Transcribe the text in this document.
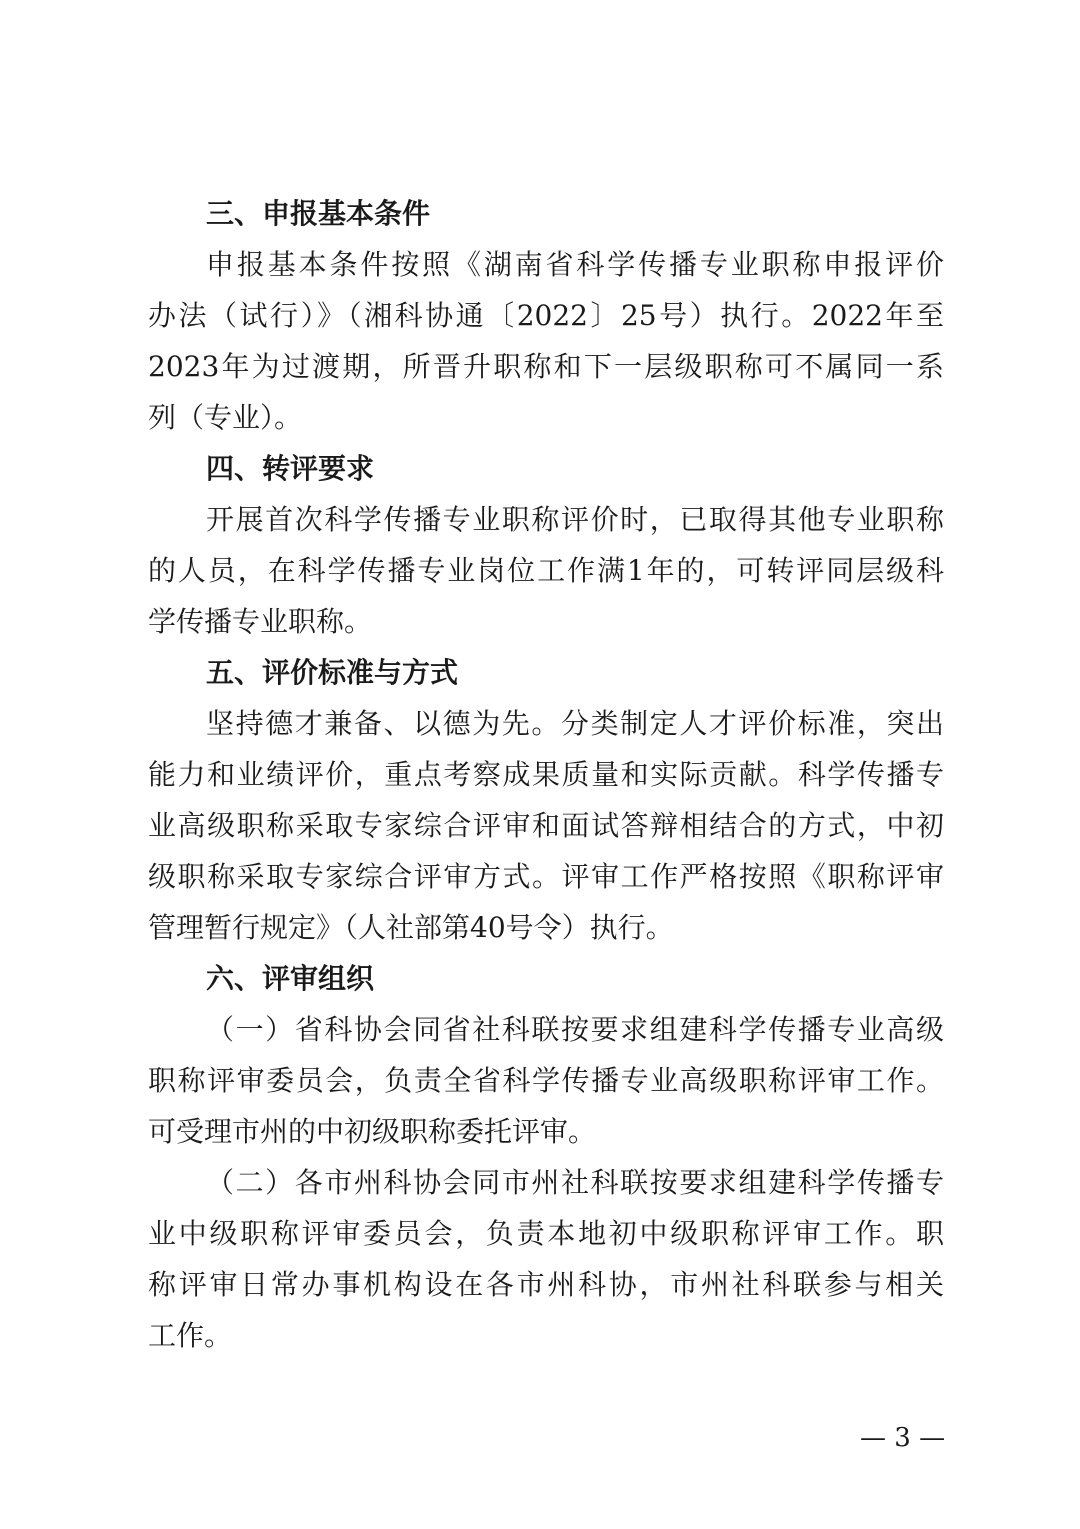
三、申报基本条件
申报基本条件按照《湖南省科学传播专业职称申报评价
办法（试行）》（湘科协通〔2022〕25号）执行。2022年至
2023年为过渡期，所晋升职称和下一层级职称可不属同一系
列（专业）。
四、转评要求
开展首次科学传播专业职称评价时，已取得其他专业职称
的人员，在科学传播专业岗位工作满1年的，可转评同层级科
学传播专业职称。
五、评价标准与方式
坚持德才兼备、以德为先。分类制定人才评价标准，突出
能力和业绩评价，重点考察成果质量和实际贡献。科学传播专
业高级职称采取专家综合评审和面试答辩相结合的方式，中初
级职称采取专家综合评审方式。评审工作严格按照《职称评审
管理暂行规定》（人社部第40号令）执行。
六、评审组织
（一）省科协会同省社科联按要求组建科学传播专业高级
职称评审委员会，负责全省科学传播专业高级职称评审工作。
可受理市州的中初级职称委托评审。
（二）各市州科协会同市州社科联按要求组建科学传播专
业中级职称评审委员会，负责本地初中级职称评审工作。职
称评审日常办事机构设在各市州科协，市州社科联参与相关
工作。
— 3 —
